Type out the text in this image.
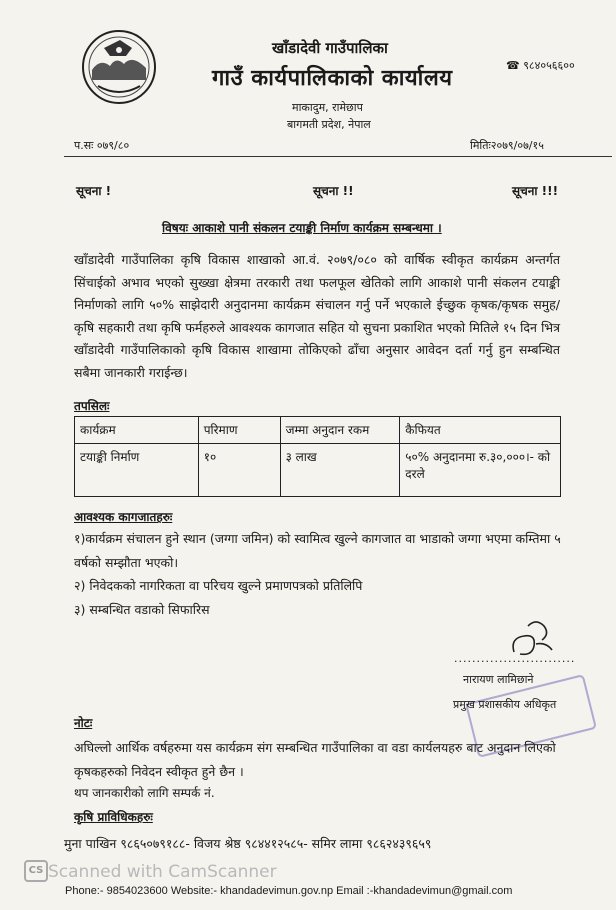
खाँडादेवी गाउँपालिका
गाउँ कार्यपालिकाको कार्यालय
माकादुम, रामेछाप
बागमती प्रदेश, नेपाल
☎ ९८४०५६६००
प.सः ०७९/८०	मितिः२०७९/०७/१५
सूचना !	सूचना !!	सूचना !!!
विषयः आकाशे पानी संकलन टयाङ्की निर्माण कार्यक्रम सम्बन्धमा ।
खाँडादेवी गाउँपालिका कृषि विकास शाखाको आ.वं. २०७९/०८० को वार्षिक स्वीकृत कार्यक्रम अन्तर्गत सिंचाईको अभाव भएको सुख्खा क्षेत्रमा तरकारी तथा फलफूल खेतिको लागि आकाशे पानी संकलन टयाङ्की निर्माणको लागि ५०% साझेदारी अनुदानमा कार्यक्रम संचालन गर्नु पर्ने भएकाले ईच्छुक कृषक/कृषक समुह/ कृषि सहकारी तथा कृषि फर्महरुले आवश्यक कागजात सहित यो सुचना प्रकाशित भएको मितिले १५ दिन भित्र खाँडादेवी गाउँपालिकाको कृषि विकास शाखामा तोकिएको ढाँचा अनुसार आवेदन दर्ता गर्नु हुन सम्बन्धित सबैमा जानकारी गराईन्छ।
तपसिलः
कार्यक्रम	परिमाण	जम्मा अनुदान रकम	कैफियत
टयाङ्की निर्माण	१०	३ लाख	५०% अनुदानमा रु.३०,०००।- को दरले
आवश्यक कागजातहरुः
१)कार्यक्रम संचालन हुने स्थान (जग्गा जमिन) को स्वामित्व खुल्ने कागजात वा भाडाको जग्गा भएमा कम्तिमा ५ वर्षको सम्झौता भएको।
२) निवेदकको नागरिकता वा परिचय खुल्ने प्रमाणपत्रको प्रतिलिपि
३) सम्बन्धित वडाको सिफारिस
...........................
नारायण लामिछाने
प्रमुख प्रशासकीय अधिकृत
नोटः
अघिल्लो आर्थिक वर्षहरुमा यस कार्यक्रम संग सम्बन्धित गाउँपालिका वा वडा कार्यलयहरु बाट अनुदान लिएको कृषकहरुको निवेदन स्वीकृत हुने छैन ।
थप जानकारीको लागि सम्पर्क नं.
कृषि प्राविधिकहरुः
मुना पाखिन ९८६५०७९१८८- विजय श्रेष्ठ ९८४४१२५८५- समिर लामा ९८६२४३९६५९
CS Scanned with CamScanner
Phone:- 9854023600 Website:- khandadevimun.gov.np Email :-khandadevimun@gmail.com
